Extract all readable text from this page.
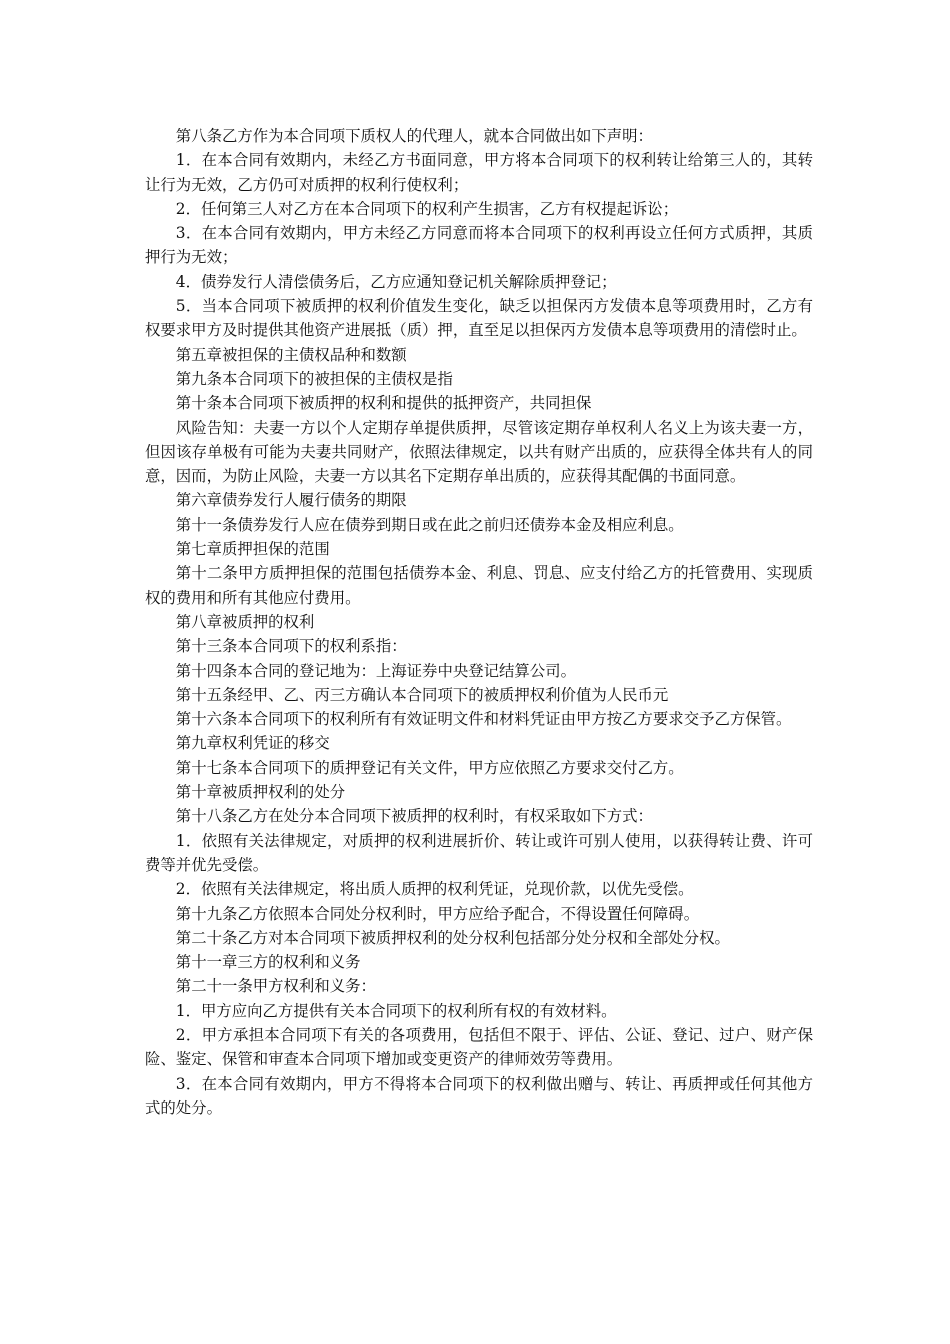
第八条乙方作为本合同项下质权人的代理人，就本合同做出如下声明：

1．在本合同有效期内，未经乙方书面同意，甲方将本合同项下的权利转让给第三人的，其转让行为无效，乙方仍可对质押的权利行使权利；

2．任何第三人对乙方在本合同项下的权利产生损害，乙方有权提起诉讼；

3．在本合同有效期内，甲方未经乙方同意而将本合同项下的权利再设立任何方式质押，其质押行为无效；

4．债券发行人清偿债务后，乙方应通知登记机关解除质押登记；

5．当本合同项下被质押的权利价值发生变化，缺乏以担保丙方发债本息等项费用时，乙方有权要求甲方及时提供其他资产进展抵（质）押，直至足以担保丙方发债本息等项费用的清偿时止。

第五章被担保的主债权品种和数额

第九条本合同项下的被担保的主债权是指

第十条本合同项下被质押的权利和提供的抵押资产，共同担保

风险告知：夫妻一方以个人定期存单提供质押，尽管该定期存单权利人名义上为该夫妻一方，但因该存单极有可能为夫妻共同财产，依照法律规定，以共有财产出质的，应获得全体共有人的同意，因而，为防止风险，夫妻一方以其名下定期存单出质的，应获得其配偶的书面同意。

第六章债券发行人履行债务的期限

第十一条债券发行人应在债券到期日或在此之前归还债券本金及相应利息。

第七章质押担保的范围

第十二条甲方质押担保的范围包括债券本金、利息、罚息、应支付给乙方的托管费用、实现质权的费用和所有其他应付费用。

第八章被质押的权利

第十三条本合同项下的权利系指：

第十四条本合同的登记地为：上海证券中央登记结算公司。

第十五条经甲、乙、丙三方确认本合同项下的被质押权利价值为人民币元

第十六条本合同项下的权利所有有效证明文件和材料凭证由甲方按乙方要求交予乙方保管。

第九章权利凭证的移交

第十七条本合同项下的质押登记有关文件，甲方应依照乙方要求交付乙方。

第十章被质押权利的处分

第十八条乙方在处分本合同项下被质押的权利时，有权采取如下方式：

1．依照有关法律规定，对质押的权利进展折价、转让或许可别人使用，以获得转让费、许可费等并优先受偿。

2．依照有关法律规定，将出质人质押的权利凭证，兑现价款，以优先受偿。

第十九条乙方依照本合同处分权利时，甲方应给予配合，不得设置任何障碍。

第二十条乙方对本合同项下被质押权利的处分权利包括部分处分权和全部处分权。

第十一章三方的权利和义务

第二十一条甲方权利和义务：

1．甲方应向乙方提供有关本合同项下的权利所有权的有效材料。

2．甲方承担本合同项下有关的各项费用，包括但不限于、评估、公证、登记、过户、财产保险、鉴定、保管和审查本合同项下增加或变更资产的律师效劳等费用。

3．在本合同有效期内，甲方不得将本合同项下的权利做出赠与、转让、再质押或任何其他方式的处分。
